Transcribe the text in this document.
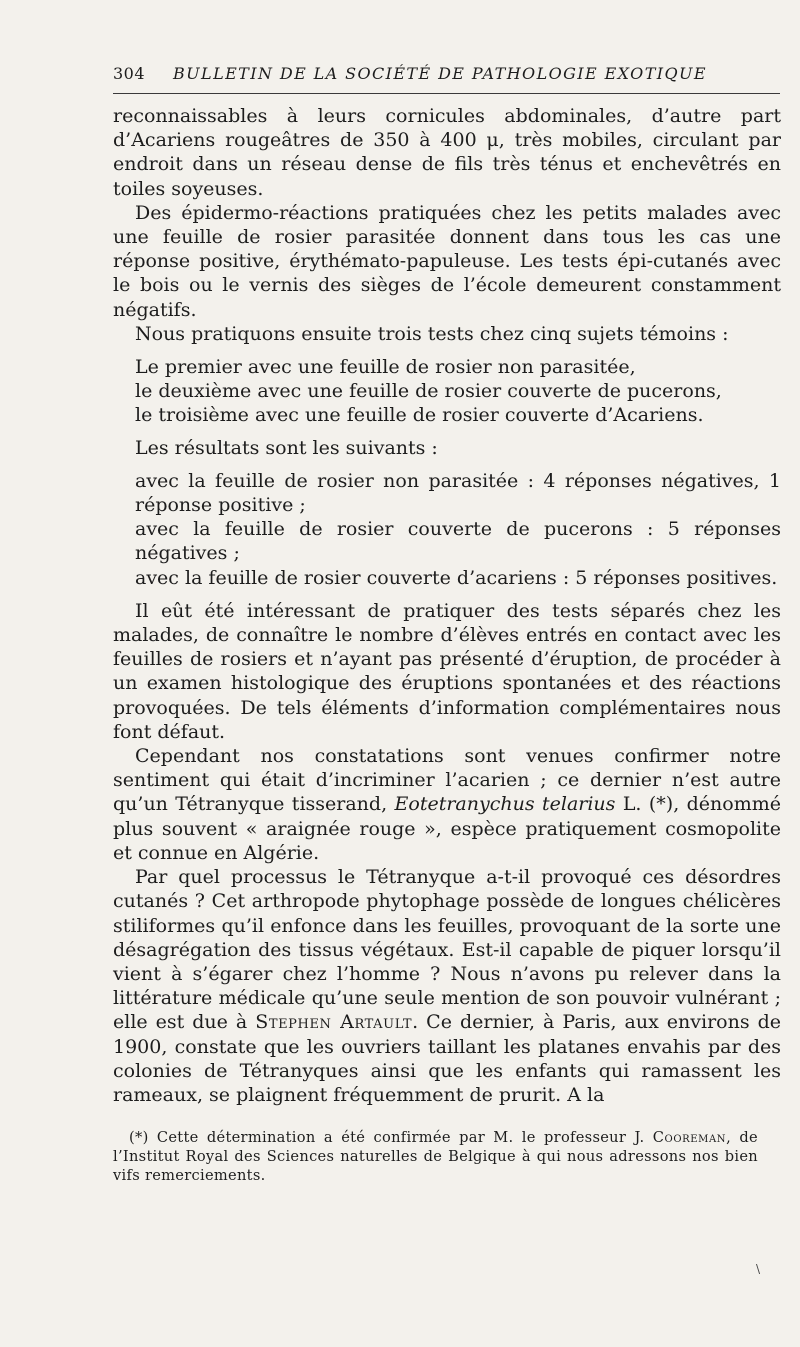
304 BULLETIN DE LA SOCIÉTÉ DE PATHOLOGIE EXOTIQUE

reconnaissables à leurs cornicules abdominales, d’autre part d’Acariens rougeâtres de 350 à 400 μ, très mobiles, circulant par endroit dans un réseau dense de fils très ténus et enchevêtrés en toiles soyeuses.

Des épidermo-réactions pratiquées chez les petits malades avec une feuille de rosier parasitée donnent dans tous les cas une réponse positive, érythémato-papuleuse. Les tests épi-cutanés avec le bois ou le vernis des sièges de l’école demeurent constamment négatifs.

Nous pratiquons ensuite trois tests chez cinq sujets témoins :

Le premier avec une feuille de rosier non parasitée,
le deuxième avec une feuille de rosier couverte de pucerons,
le troisième avec une feuille de rosier couverte d’Acariens.

Les résultats sont les suivants :

avec la feuille de rosier non parasitée : 4 réponses négatives, 1 réponse positive ;

avec la feuille de rosier couverte de pucerons : 5 réponses négatives ;

avec la feuille de rosier couverte d’acariens : 5 réponses positives.

Il eût été intéressant de pratiquer des tests séparés chez les malades, de connaître le nombre d’élèves entrés en contact avec les feuilles de rosiers et n’ayant pas présenté d’éruption, de procéder à un examen histologique des éruptions spontanées et des réactions provoquées. De tels éléments d’information complémentaires nous font défaut.

Cependant nos constatations sont venues confirmer notre sentiment qui était d’incriminer l’acarien ; ce dernier n’est autre qu’un Tétranyque tisserand, Eotetranychus telarius L. (*), dénommé plus souvent « araignée rouge », espèce pratiquement cosmopolite et connue en Algérie.

Par quel processus le Tétranyque a-t-il provoqué ces désordres cutanés ? Cet arthropode phytophage possède de longues chélicères stiliformes qu’il enfonce dans les feuilles, provoquant de la sorte une désagrégation des tissus végétaux. Est-il capable de piquer lorsqu’il vient à s’égarer chez l’homme ? Nous n’avons pu relever dans la littérature médicale qu’une seule mention de son pouvoir vulnérant ; elle est due à Stephen Artault. Ce dernier, à Paris, aux environs de 1900, constate que les ouvriers taillant les platanes envahis par des colonies de Tétranyques ainsi que les enfants qui ramassent les rameaux, se plaignent fréquemment de prurit. A la

(*) Cette détermination a été confirmée par M. le professeur J. Cooreman, de l’Institut Royal des Sciences naturelles de Belgique à qui nous adressons nos bien vifs remerciements.

\
